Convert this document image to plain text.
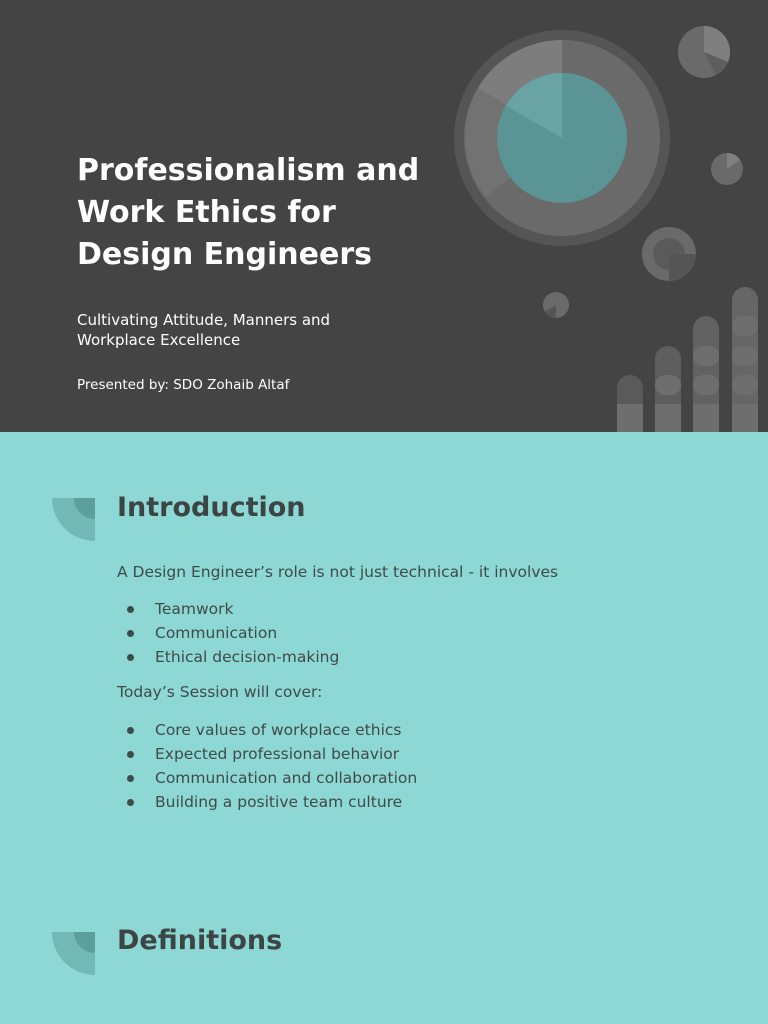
Professionalism and
Work Ethics for
Design Engineers
Cultivating Attitude, Manners and
Workplace Excellence
Presented by: SDO Zohaib Altaf
Introduction
A Design Engineer’s role is not just technical - it involves
Teamwork
Communication
Ethical decision-making
Today’s Session will cover:
Core values of workplace ethics
Expected professional behavior
Communication and collaboration
Building a positive team culture
Definitions
